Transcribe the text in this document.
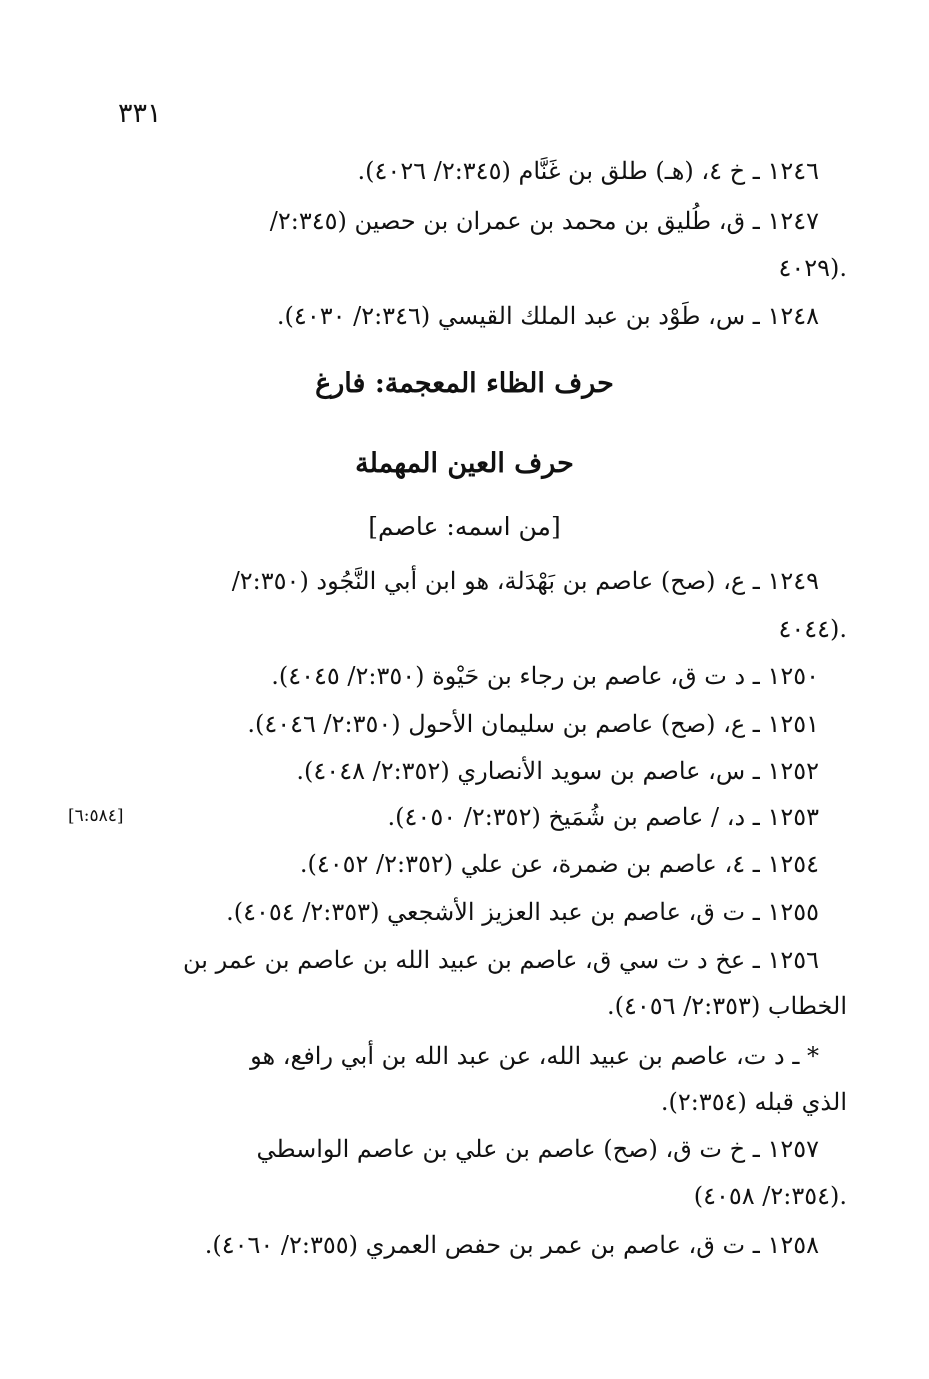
٣٣١
١٢٤٦ ـ خ ٤، (هـ) طلق بن غَنَّام (٢:٣٤٥/ ٤٠٢٦).
١٢٤٧ ـ ق، طُليق بن محمد بن عمران بن حصين (٢:٣٤٥/
٤٠٢٩).
١٢٤٨ ـ س، طَوْد بن عبد الملك القيسي (٢:٣٤٦/ ٤٠٣٠).
حرف الظاء المعجمة: فارغ
حرف العين المهملة
[من اسمه: عاصم]
١٢٤٩ ـ ع، (صح) عاصم بن بَهْدَلة، هو ابن أبي النَّجُود (٢:٣٥٠/
٤٠٤٤).
١٢٥٠ ـ د ت ق، عاصم بن رجاء بن حَيْوة (٢:٣٥٠/ ٤٠٤٥).
١٢٥١ ـ ع، (صح) عاصم بن سليمان الأحول (٢:٣٥٠/ ٤٠٤٦).
١٢٥٢ ـ س، عاصم بن سويد الأنصاري (٢:٣٥٢/ ٤٠٤٨).
١٢٥٣ ـ د، / عاصم بن شُمَيخ (٢:٣٥٢/ ٤٠٥٠).
[٦:٥٨٤]
١٢٥٤ ـ ٤، عاصم بن ضمرة، عن علي (٢:٣٥٢/ ٤٠٥٢).
١٢٥٥ ـ ت ق، عاصم بن عبد العزيز الأشجعي (٢:٣٥٣/ ٤٠٥٤).
١٢٥٦ ـ عخ د ت سي ق، عاصم بن عبيد الله بن عاصم بن عمر بن
الخطاب (٢:٣٥٣/ ٤٠٥٦).
* ـ د ت، عاصم بن عبيد الله، عن عبد الله بن أبي رافع، هو
الذي قبله (٢:٣٥٤).
١٢٥٧ ـ خ ت ق، (صح) عاصم بن علي بن عاصم الواسطي
(٢:٣٥٤/ ٤٠٥٨).
١٢٥٨ ـ ت ق، عاصم بن عمر بن حفص العمري (٢:٣٥٥/ ٤٠٦٠).
